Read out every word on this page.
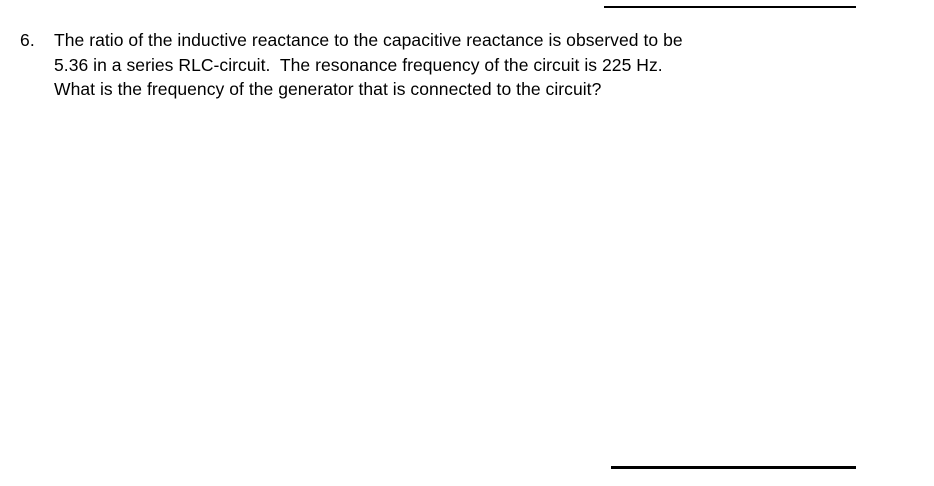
6.	The ratio of the inductive reactance to the capacitive reactance is observed to be
5.36 in a series RLC-circuit.  The resonance frequency of the circuit is 225 Hz.
What is the frequency of the generator that is connected to the circuit?
